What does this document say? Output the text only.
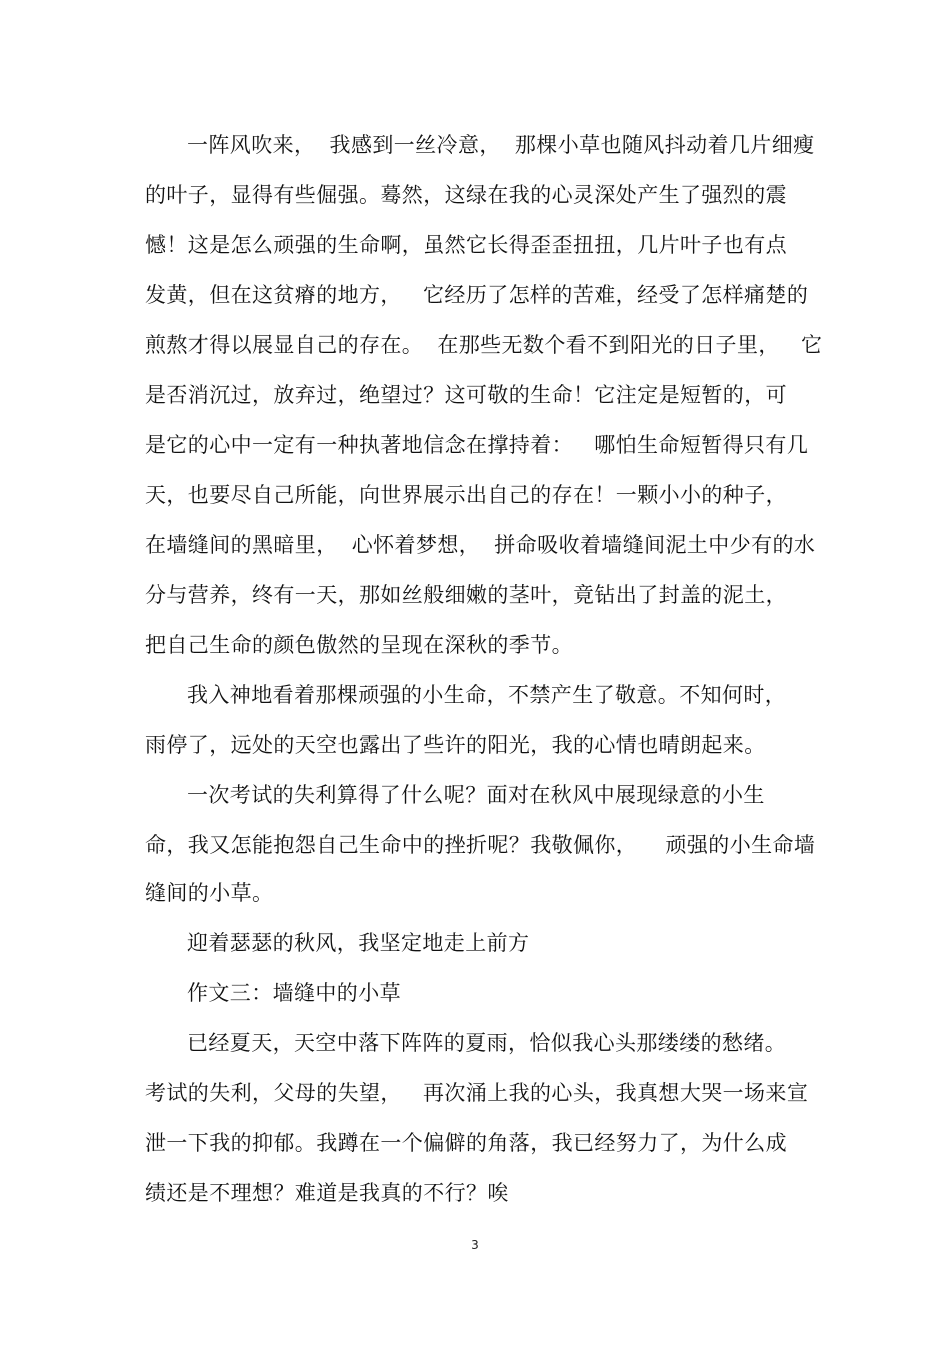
一阵风吹来，  我感到一丝冷意，  那棵小草也随风抖动着几片细瘦
的叶子，显得有些倔强。蓦然，这绿在我的心灵深处产生了强烈的震
憾！这是怎么顽强的生命啊，虽然它长得歪歪扭扭，几片叶子也有点
发黄，但在这贫瘠的地方，   它经历了怎样的苦难，经受了怎样痛楚的
煎熬才得以展显自己的存在。  在那些无数个看不到阳光的日子里，   它
是否消沉过，放弃过，绝望过？这可敬的生命！它注定是短暂的，可
是它的心中一定有一种执著地信念在撑持着：   哪怕生命短暂得只有几
天，也要尽自己所能，向世界展示出自己的存在！一颗小小的种子，
在墙缝间的黑暗里，  心怀着梦想，  拼命吸收着墙缝间泥土中少有的水
分与营养，终有一天，那如丝般细嫩的茎叶，竟钻出了封盖的泥土，
把自己生命的颜色傲然的呈现在深秋的季节。
我入神地看着那棵顽强的小生命，不禁产生了敬意。不知何时，
雨停了，远处的天空也露出了些许的阳光，我的心情也晴朗起来。
一次考试的失利算得了什么呢？面对在秋风中展现绿意的小生
命，我又怎能抱怨自己生命中的挫折呢？我敬佩你，    顽强的小生命墙
缝间的小草。
迎着瑟瑟的秋风，我坚定地走上前方
作文三：墙缝中的小草
已经夏天，天空中落下阵阵的夏雨，恰似我心头那缕缕的愁绪。
考试的失利，父母的失望，   再次涌上我的心头，我真想大哭一场来宣
泄一下我的抑郁。我蹲在一个偏僻的角落，我已经努力了，为什么成
绩还是不理想？难道是我真的不行？唉
3
